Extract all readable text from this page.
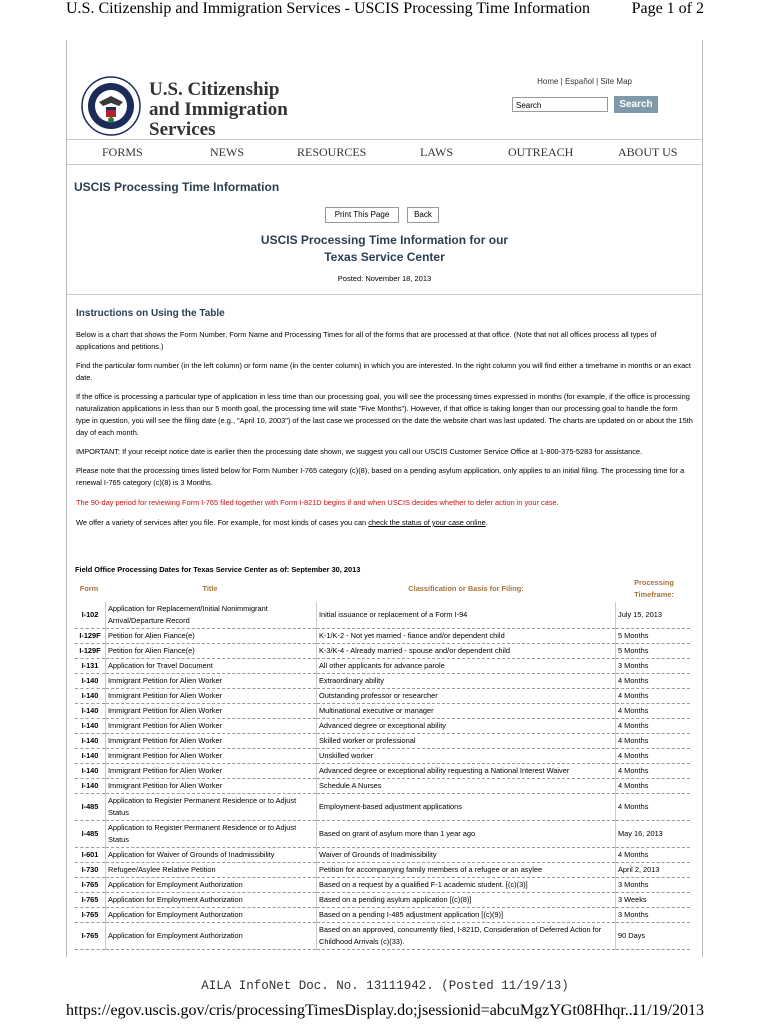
U.S. Citizenship and Immigration Services - USCIS Processing Time Information	Page 1 of 2
U.S. Citizenship
and Immigration
Services
Home | Español | Site Map
Search	Search
FORMS	NEWS	RESOURCES	LAWS	OUTREACH	ABOUT US
USCIS Processing Time Information
Print This Page	Back
USCIS Processing Time Information for our
Texas Service Center
Posted: November 18, 2013
Instructions on Using the Table
Below is a chart that shows the Form Number, Form Name and Processing Times for all of the forms that are processed at that office. (Note that not all offices process all types of applications and petitions.)
Find the particular form number (in the left column) or form name (in the center column) in which you are interested. In the right column you will find either a timeframe in months or an exact date.
If the office is processing a particular type of application in less time than our processing goal, you will see the processing times expressed in months (for example, if the office is processing naturalization applications in less than our 5 month goal, the processing time will state "Five Months"). However, if that office is taking longer than our processing goal to handle the form type in question, you will see the filing date (e.g., "April 10, 2003") of the last case we processed on the date the website chart was last updated. The charts are updated on or about the 15th day of each month.
IMPORTANT: If your receipt notice date is earlier then the processing date shown, we suggest you call our USCIS Customer Service Office at 1-800-375-5283 for assistance.
Please note that the processing times listed below for Form Number I-765 category (c)(8), based on a pending asylum application, only applies to an initial filing. The processing time for a renewal I-765 category (c)(8) is 3 Months.
The 90-day period for reviewing Form I-765 filed together with Form I-821D begins if and when USCIS decides whether to defer action in your case.
We offer a variety of services after you file. For example, for most kinds of cases you can check the status of your case online.
Field Office Processing Dates for Texas Service Center as of: September 30, 2013
Form	Title	Classification or Basis for Filing:
Processing
Timeframe:
I-102	Application for Replacement/Initial Nonimmigrant Arrival/Departure Record	Initial issuance or replacement of a Form I-94	July 15, 2013
I-129F	Petition for Alien Fiance(e)	K-1/K-2 - Not yet married - fiance and/or dependent child	5 Months
I-129F	Petition for Alien Fiance(e)	K-3/K-4 - Already married - spouse and/or dependent child	5 Months
I-131	Application for Travel Document	All other applicants for advance parole	3 Months
I-140	Immigrant Petition for Alien Worker	Extraordinary ability	4 Months
I-140	Immigrant Petition for Alien Worker	Outstanding professor or researcher	4 Months
I-140	Immigrant Petition for Alien Worker	Multinational executive or manager	4 Months
I-140	Immigrant Petition for Alien Worker	Advanced degree or exceptional ability	4 Months
I-140	Immigrant Petition for Alien Worker	Skilled worker or professional	4 Months
I-140	Immigrant Petition for Alien Worker	Unskilled worker	4 Months
I-140	Immigrant Petition for Alien Worker	Advanced degree or exceptional ability requesting a National Interest Waiver	4 Months
I-140	Immigrant Petition for Alien Worker	Schedule A Nurses	4 Months
I-485	Application to Register Permanent Residence or to Adjust Status	Employment-based adjustment applications	4 Months
I-485	Application to Register Permanent Residence or to Adjust Status	Based on grant of asylum more than 1 year ago	May 16, 2013
I-601	Application for Waiver of Grounds of Inadmissibility	Waiver of Grounds of Inadmissibility	4 Months
I-730	Refugee/Asylee Relative Petition	Petition for accompanying family members of a refugee or an asylee	April 2, 2013
I-765	Application for Employment Authorization	Based on a request by a qualified F-1 academic student. [(c)(3)]	3 Months
I-765	Application for Employment Authorization	Based on a pending asylum application [(c)(8)]	3 Weeks
I-765	Application for Employment Authorization	Based on a pending I-485 adjustment application [(c)(9)]	3 Months
I-765	Application for Employment Authorization	Based on an approved, concurrently filed, I-821D, Consideration of Deferred Action for Childhood Arrivals (c)(33).	90 Days
AILA InfoNet Doc. No. 13111942. (Posted 11/19/13)
https://egov.uscis.gov/cris/processingTimesDisplay.do;jsessionid=abcuMgzYGt08Hhqr...
11/19/2013
